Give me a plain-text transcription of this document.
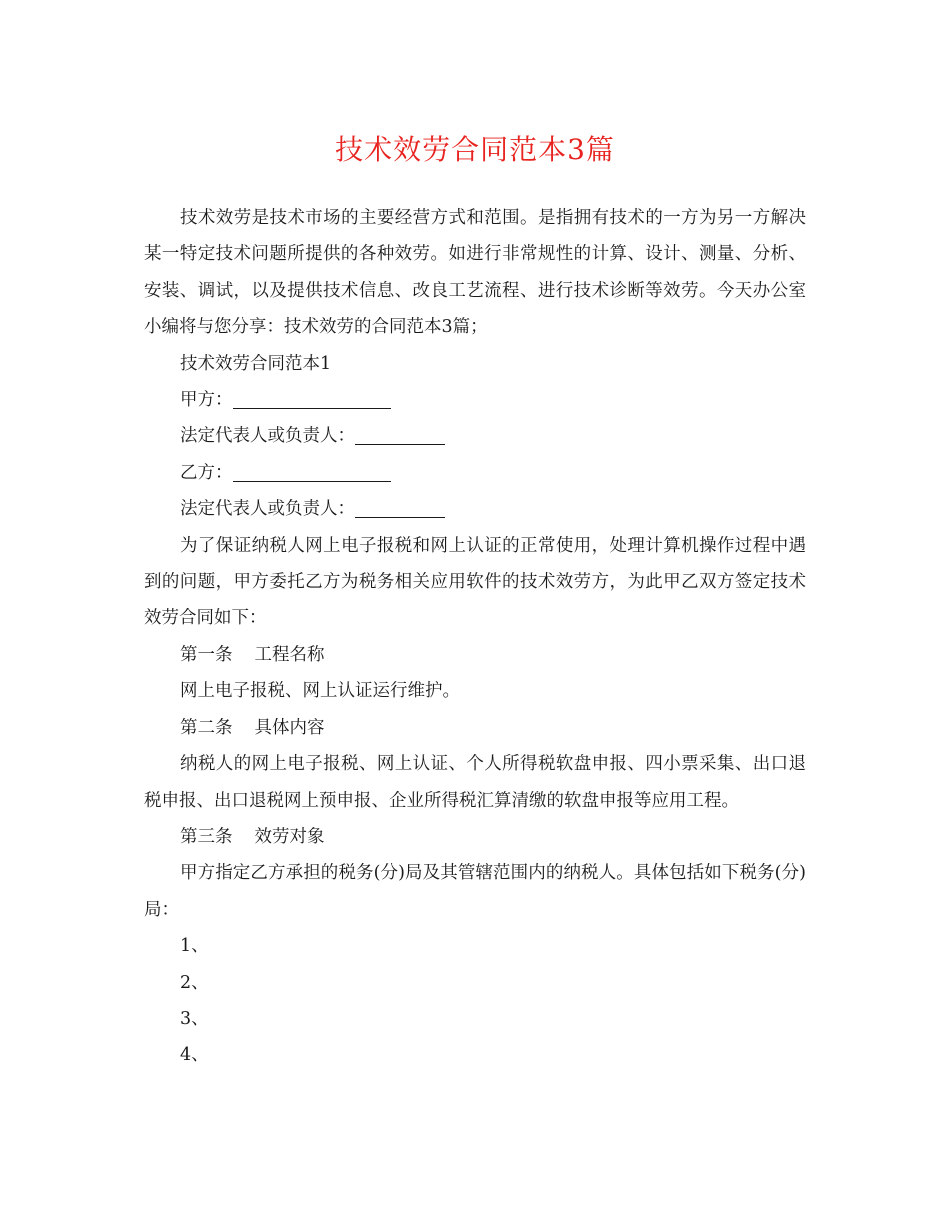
技术效劳合同范本3篇

技术效劳是技术市场的主要经营方式和范围。是指拥有技术的一方为另一方解决某一特定技术问题所提供的各种效劳。如进行非常规性的计算、设计、测量、分析、安装、调试，以及提供技术信息、改良工艺流程、进行技术诊断等效劳。今天办公室小编将与您分享：技术效劳的合同范本3篇；

技术效劳合同范本1

甲方：

法定代表人或负责人：

乙方：

法定代表人或负责人：

为了保证纳税人网上电子报税和网上认证的正常使用，处理计算机操作过程中遇到的问题，甲方委托乙方为税务相关应用软件的技术效劳方，为此甲乙双方签定技术效劳合同如下：

第一条 工程名称

网上电子报税、网上认证运行维护。

第二条 具体内容

纳税人的网上电子报税、网上认证、个人所得税软盘申报、四小票采集、出口退税申报、出口退税网上预申报、企业所得税汇算清缴的软盘申报等应用工程。

第三条 效劳对象

甲方指定乙方承担的税务(分)局及其管辖范围内的纳税人。具体包括如下税务(分)局：

1、

2、

3、

4、
